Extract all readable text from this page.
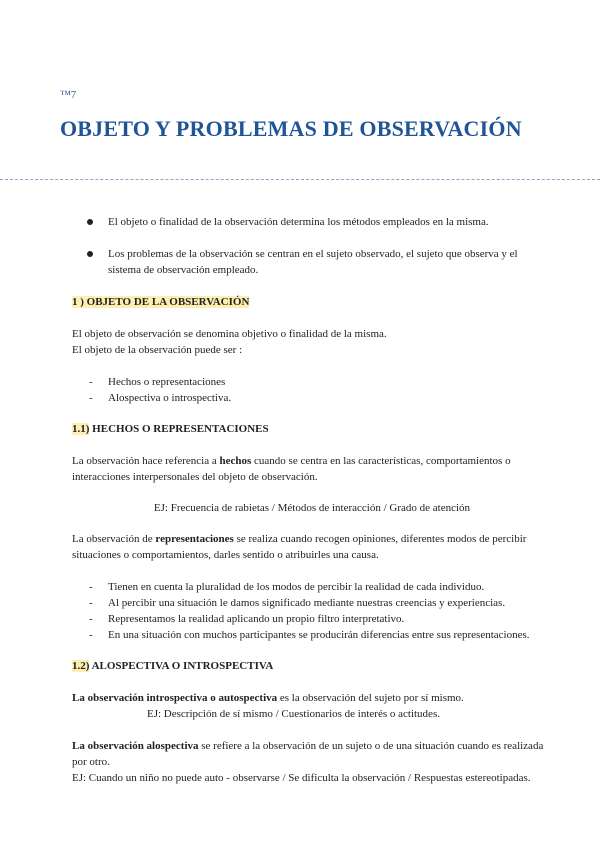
™7
OBJETO Y PROBLEMAS DE OBSERVACIÓN
El objeto o finalidad de la observación determina los métodos empleados en la misma.
Los problemas de la observación se centran en el sujeto observado, el sujeto que observa y el sistema de observación empleado.
1 ) OBJETO DE LA OBSERVACIÓN

El objeto de observación se denomina objetivo o finalidad de la misma.

El objeto de la observación puede ser :

- Hechos o representaciones
- Alospectiva o introspectiva.
1.1) HECHOS O REPRESENTACIONES

La observación hace referencia a hechos cuando se centra en las características, comportamientos o interacciones interpersonales del objeto de observación.

EJ: Frecuencia de rabietas / Métodos de interacción / Grado de atención

La observación de representaciones se realiza cuando recogen opiniones, diferentes modos de percibir situaciones o comportamientos, darles sentido o atribuirles una causa.

- Tienen en cuenta la pluralidad de los modos de percibir la realidad de cada individuo.
- Al percibir una situación le damos significado mediante nuestras creencias y experiencias.
- Representamos la realidad aplicando un propio filtro interpretativo.
- En una situación con muchos participantes se producirán diferencias entre sus representaciones.
1.2) ALOSPECTIVA O INTROSPECTIVA

La observación introspectiva o autospectiva es la observación del sujeto por sí mismo.

EJ: Descripción de sí mismo / Cuestionarios de interés o actitudes.

La observación alospectiva se refiere a la observación de un sujeto o de una situación cuando es realizada por otro.

EJ: Cuando un niño no puede auto - observarse / Se dificulta la observación / Respuestas estereotipadas.
